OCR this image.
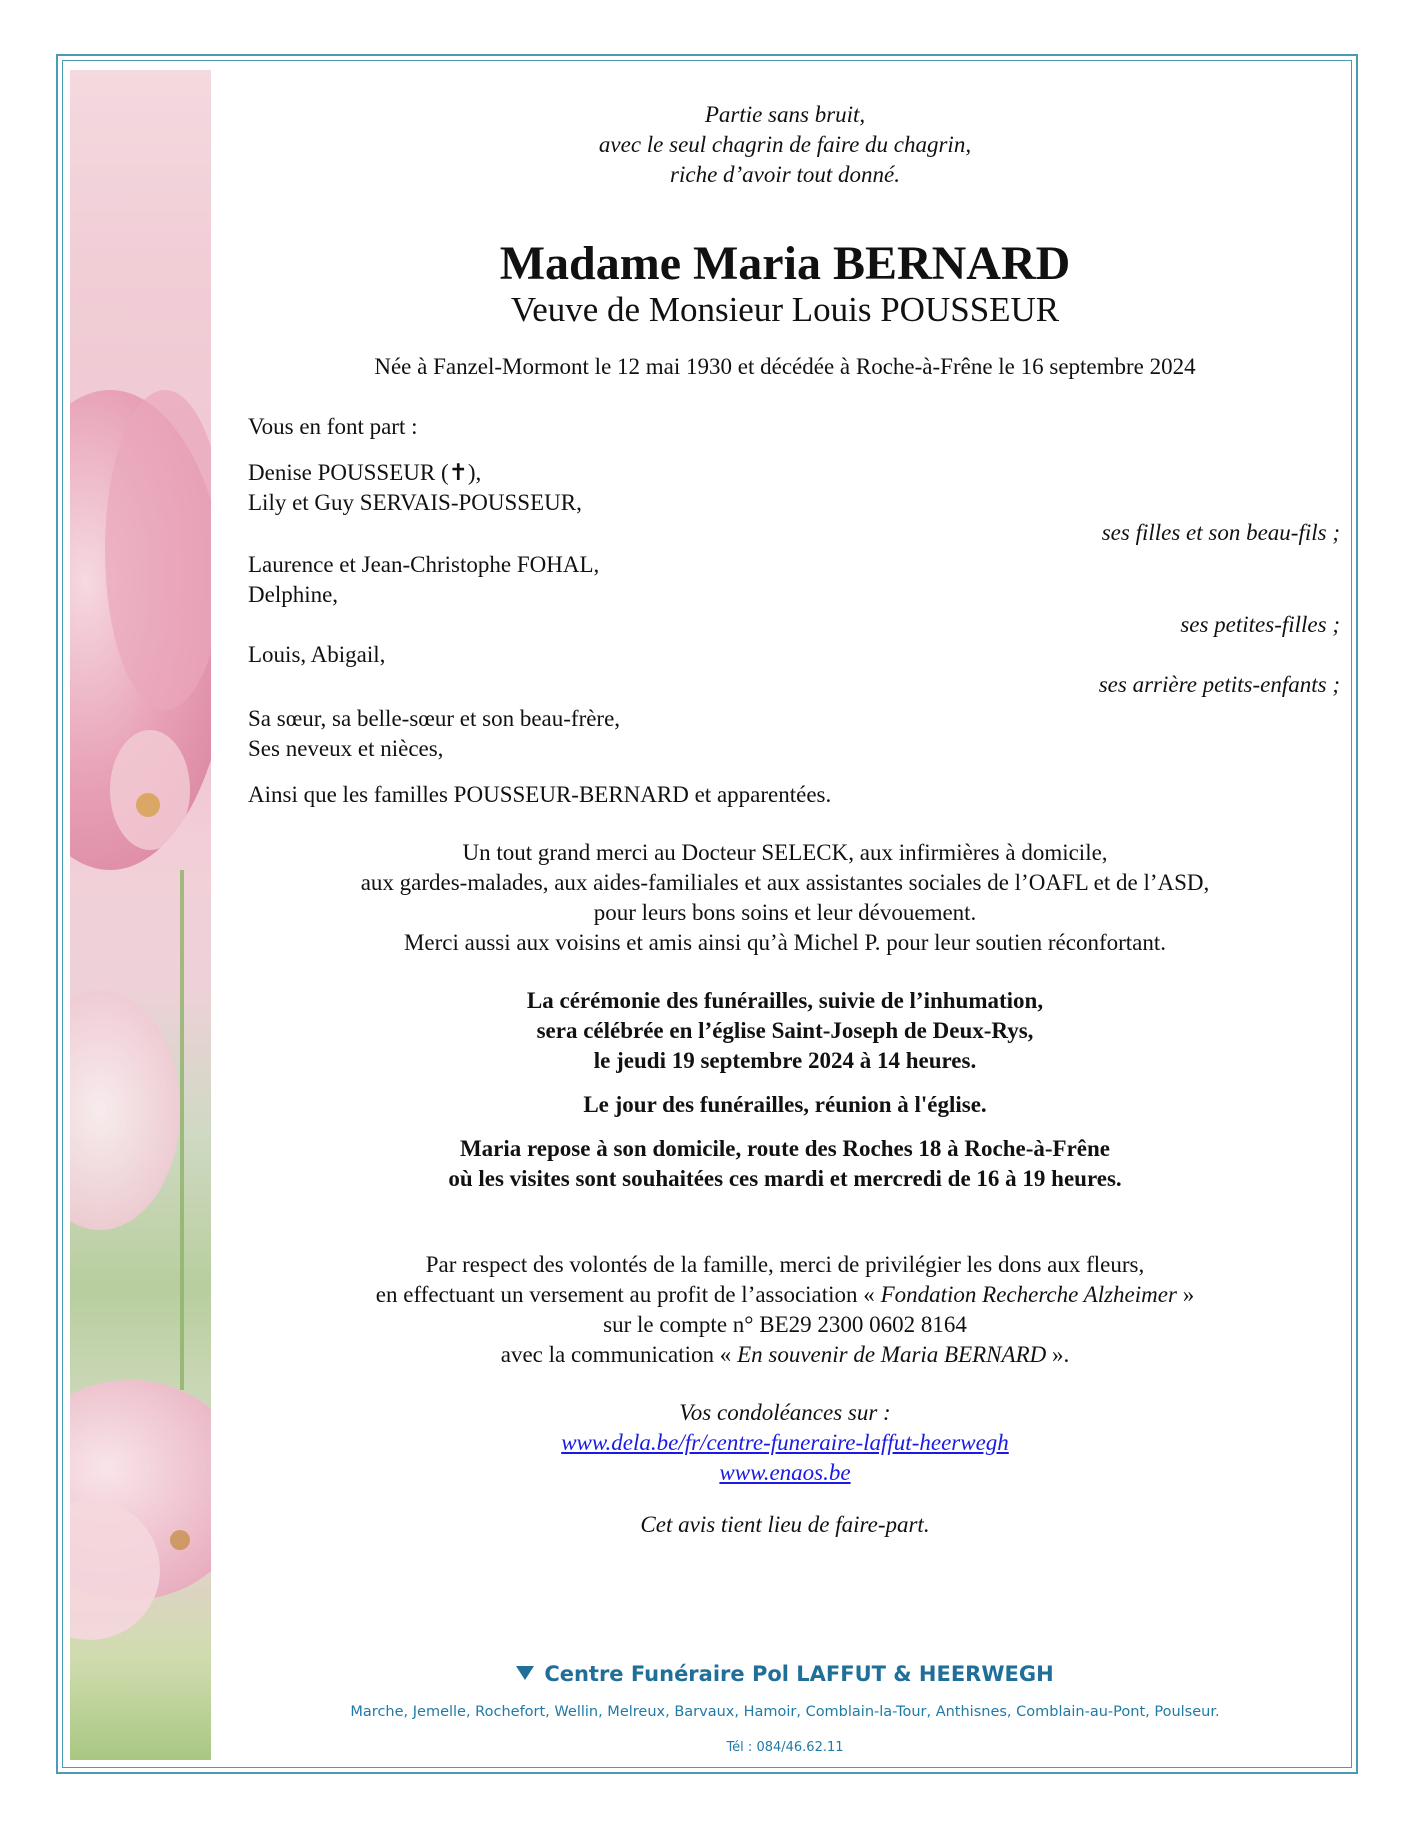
Partie sans bruit,
avec le seul chagrin de faire du chagrin,
riche d’avoir tout donné.
Madame Maria BERNARD
Veuve de Monsieur Louis POUSSEUR
Née à Fanzel-Mormont le 12 mai 1930 et décédée à Roche-à-Frêne le 16 septembre 2024
Vous en font part :
Denise POUSSEUR (✝),
Lily et Guy SERVAIS-POUSSEUR,
ses filles et son beau-fils ;
Laurence et Jean-Christophe FOHAL,
Delphine,
ses petites-filles ;
Louis, Abigail,
ses arrière petits-enfants ;
Sa sœur, sa belle-sœur et son beau-frère,
Ses neveux et nièces,
Ainsi que les familles POUSSEUR-BERNARD et apparentées.
Un tout grand merci au Docteur SELECK, aux infirmières à domicile,
aux gardes-malades, aux aides-familiales et aux assistantes sociales de l’OAFL et de l’ASD,
pour leurs bons soins et leur dévouement.
Merci aussi aux voisins et amis ainsi qu’à Michel P. pour leur soutien réconfortant.
La cérémonie des funérailles, suivie de l’inhumation,
sera célébrée en l’église Saint-Joseph de Deux-Rys,
le jeudi 19 septembre 2024 à 14 heures.
Le jour des funérailles, réunion à l'église.
Maria repose à son domicile, route des Roches 18 à Roche-à-Frêne
où les visites sont souhaitées ces mardi et mercredi de 16 à 19 heures.
Par respect des volontés de la famille, merci de privilégier les dons aux fleurs,
en effectuant un versement au profit de l’association « Fondation Recherche Alzheimer »
sur le compte n° BE29 2300 0602 8164
avec la communication « En souvenir de Maria BERNARD ».
Vos condoléances sur :
www.dela.be/fr/centre-funeraire-laffut-heerwegh
www.enaos.be
Cet avis tient lieu de faire-part.
Centre Funéraire Pol LAFFUT & HEERWEGH
Marche, Jemelle, Rochefort, Wellin, Melreux, Barvaux, Hamoir, Comblain-la-Tour, Anthisnes, Comblain-au-Pont, Poulseur.
Tél : 084/46.62.11
